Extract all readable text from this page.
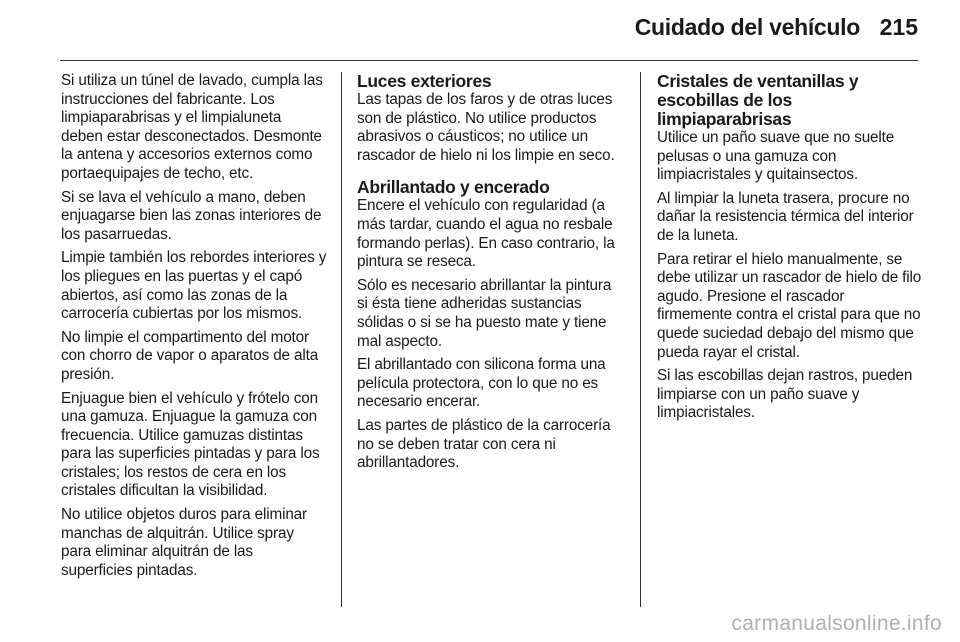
Cuidado del vehículo 215

Si utiliza un túnel de lavado, cumpla las instrucciones del fabricante. Los limpiaparabrisas y el limpialuneta deben estar desconectados. Desmonte la antena y accesorios externos como portaequipajes de techo, etc.

Si se lava el vehículo a mano, deben enjuagarse bien las zonas interiores de los pasarruedas.

Limpie también los rebordes interiores y los pliegues en las puertas y el capó abiertos, así como las zonas de la carrocería cubiertas por los mismos.

No limpie el compartimento del motor con chorro de vapor o aparatos de alta presión.

Enjuague bien el vehículo y frótelo con una gamuza. Enjuague la gamuza con frecuencia. Utilice gamuzas distintas para las superficies pintadas y para los cristales; los restos de cera en los cristales dificultan la visibilidad.

No utilice objetos duros para eliminar manchas de alquitrán. Utilice spray para eliminar alquitrán de las superficies pintadas.

Luces exteriores

Las tapas de los faros y de otras luces son de plástico. No utilice productos abrasivos o cáusticos; no utilice un rascador de hielo ni los limpie en seco.

Abrillantado y encerado

Encere el vehículo con regularidad (a más tardar, cuando el agua no resbale formando perlas). En caso contrario, la pintura se reseca.

Sólo es necesario abrillantar la pintura si ésta tiene adheridas sustancias sólidas o si se ha puesto mate y tiene mal aspecto.

El abrillantado con silicona forma una película protectora, con lo que no es necesario encerar.

Las partes de plástico de la carrocería no se deben tratar con cera ni abrillantadores.

Cristales de ventanillas y escobillas de los limpiaparabrisas

Utilice un paño suave que no suelte pelusas o una gamuza con limpiacristales y quitainsectos.

Al limpiar la luneta trasera, procure no dañar la resistencia térmica del interior de la luneta.

Para retirar el hielo manualmente, se debe utilizar un rascador de hielo de filo agudo. Presione el rascador firmemente contra el cristal para que no quede suciedad debajo del mismo que pueda rayar el cristal.

Si las escobillas dejan rastros, pueden limpiarse con un paño suave y limpiacristales.

carmanualsonline.info
